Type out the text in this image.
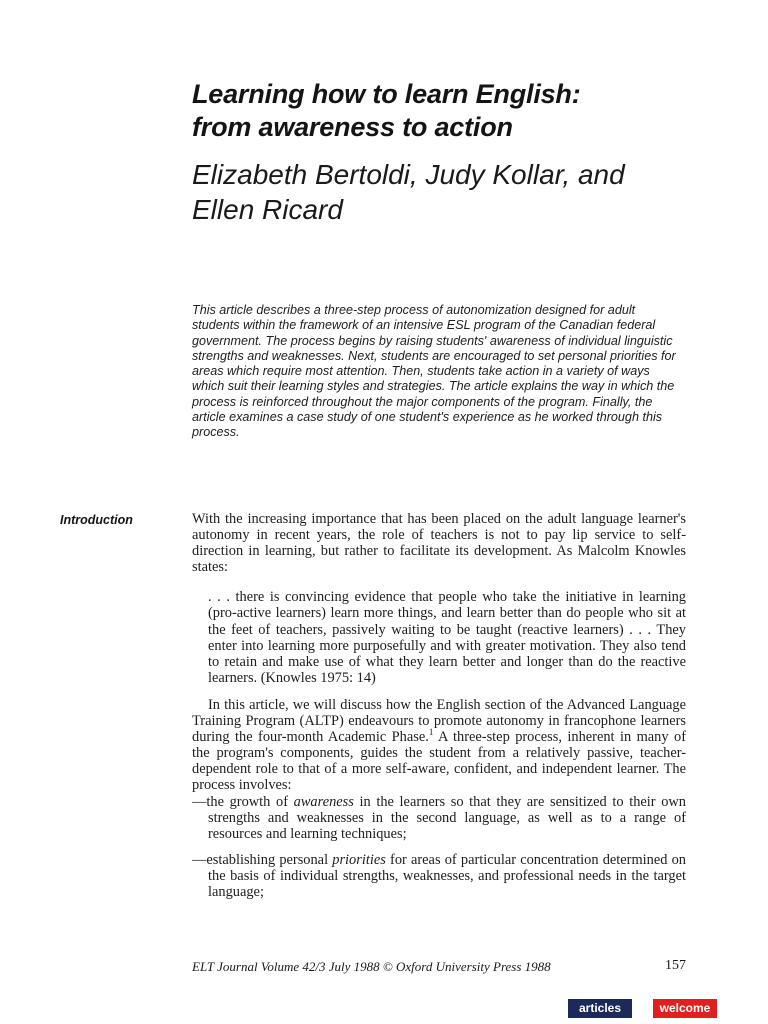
Learning how to learn English:
from awareness to action
Elizabeth Bertoldi, Judy Kollar, and
Ellen Ricard

This article describes a three-step process of autonomization designed for adult students within the framework of an intensive ESL program of the Canadian federal government. The process begins by raising students' awareness of individual linguistic strengths and weaknesses. Next, students are encouraged to set personal priorities for areas which require most attention. Then, students take action in a variety of ways which suit their learning styles and strategies. The article explains the way in which the process is reinforced throughout the major components of the program. Finally, the article examines a case study of one student's experience as he worked through this process.

Introduction	With the increasing importance that has been placed on the adult language learner's autonomy in recent years, the role of teachers is not to pay lip service to self-direction in learning, but rather to facilitate its development. As Malcolm Knowles states:

. . . there is convincing evidence that people who take the initiative in learning (pro-active learners) learn more things, and learn better than do people who sit at the feet of teachers, passively waiting to be taught (reactive learners) . . . They enter into learning more purposefully and with greater motivation. They also tend to retain and make use of what they learn better and longer than do the reactive learners. (Knowles 1975: 14)

In this article, we will discuss how the English section of the Advanced Language Training Program (ALTP) endeavours to promote autonomy in francophone learners during the four-month Academic Phase.$^1$ A three-step process, inherent in many of the program's components, guides the student from a relatively passive, teacher-dependent role to that of a more self-aware, confident, and independent learner. The process involves:

—the growth of awareness in the learners so that they are sensitized to their own strengths and weaknesses in the second language, as well as to a range of resources and learning techniques;

—establishing personal priorities for areas of particular concentration determined on the basis of individual strengths, weaknesses, and professional needs in the target language;

ELT Journal Volume 42/3 July 1988 © Oxford University Press 1988	157
articles	welcome
